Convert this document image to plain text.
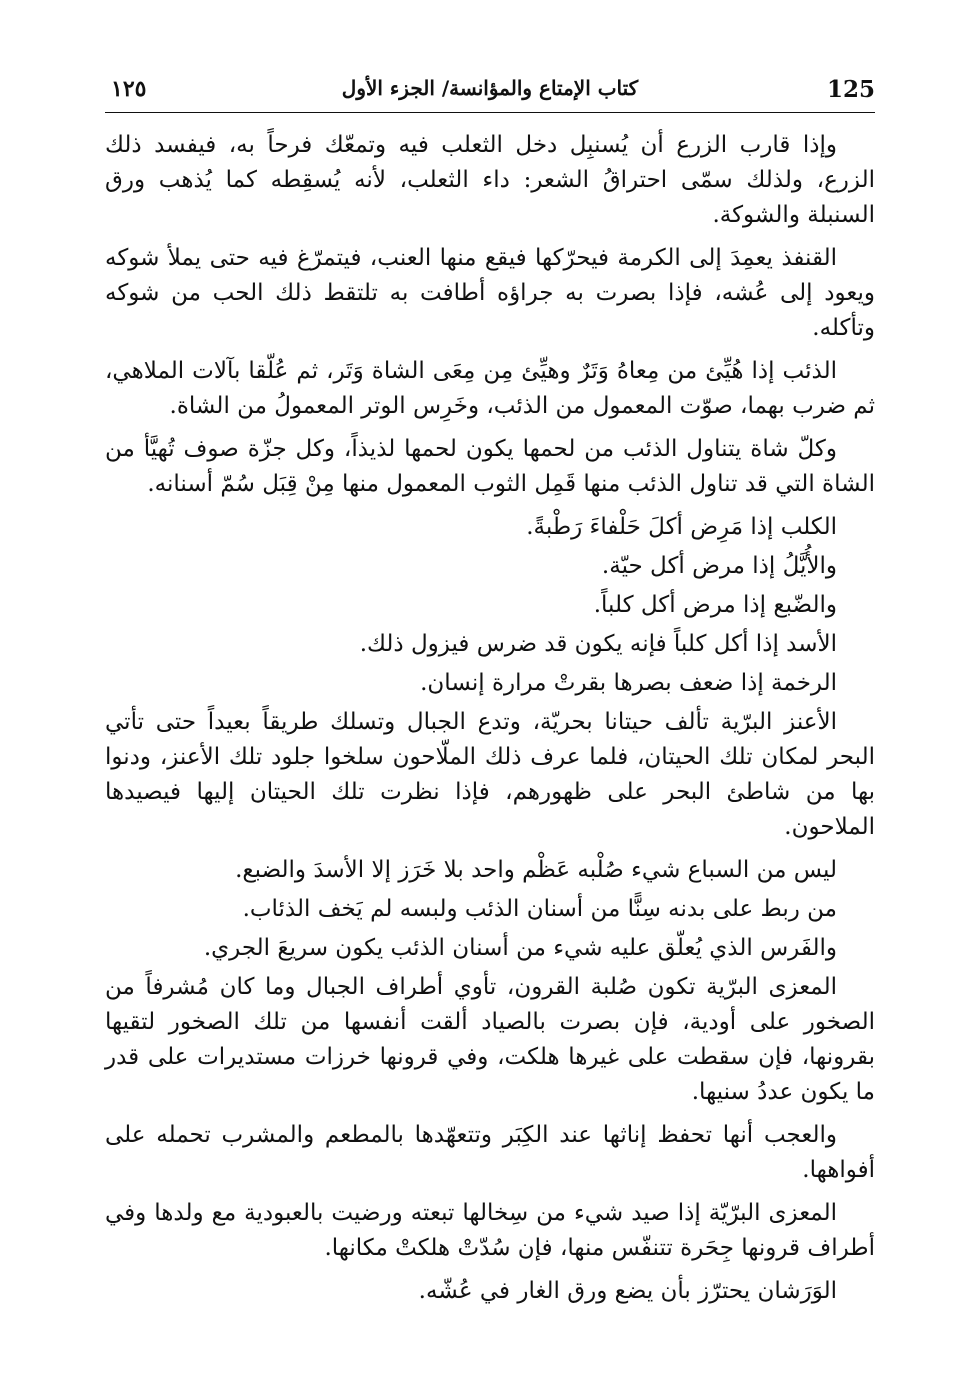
125
كتاب الإمتاع والمؤانسة/ الجزء الأول
١٢٥

وإذا قارب الزرع أن يُسنبِل دخل الثعلب فيه وتمعّك فرحاً به، فيفسد ذلك الزرع، ولذلك سمّى احتراقُ الشعر: داء الثعلب، لأنه يُسقِطه كما يُذهب ورق السنبلة والشوكة.

القنفذ يعمِدَ إلى الكرمة فيحرّكها فيقع منها العنب، فيتمرّغ فيه حتى يملأ شوكه ويعود إلى عُشه، فإذا بصرت به جراؤه أطافت به تلتقط ذلك الحب من شوكه وتأكله.

الذئب إذا هُيِّئ من مِعاهُ وَتَرٌ وهيِّئ مِن مِعَى الشاة وَتَر، ثم عُلّقا بآلات الملاهي، ثم ضرب بهما، صوّت المعمول من الذئب، وخَرِس الوتر المعمولُ من الشاة.

وكلّ شاة يتناول الذئب من لحمها يكون لحمها لذيذاً، وكل جزّة صوف تُهيَّأ من الشاة التي قد تناول الذئب منها قَمِل الثوب المعمول منها مِنْ قِبَل سُمّ أسنانه.

الكلب إذا مَرِض أكلَ حَلْفاءَ رَطْبةً.

والأُيَّلُ إذا مرض أكل حيّة.

والضّبع إذا مرض أكل كلباً.

الأسد إذا أكل كلباً فإنه يكون قد ضرس فيزول ذلك.

الرخمة إذا ضعف بصرها بقرتْ مرارة إنسان.

الأعنز البرّية تألف حيتانا بحريّة، وتدع الجبال وتسلك طريقاً بعيداً حتى تأتي البحر لمكان تلك الحيتان، فلما عرف ذلك الملّاحون سلخوا جلود تلك الأعنز، ودنوا بها من شاطئ البحر على ظهورهم، فإذا نظرت تلك الحيتان إليها فيصيدها الملاحون.

ليس من السباع شيء صُلْبه عَظْم واحد بلا خَرَز إلا الأسدَ والضبع.

من ربط على بدنه سِنًّا من أسنان الذئب ولبسه لم يَخف الذئاب.

والفَرس الذي يُعلّق عليه شيء من أسنان الذئب يكون سريعَ الجري.

المعزى البرّية تكون صُلبة القرون، تأوي أطراف الجبال وما كان مُشرفاً من الصخور على أودية، فإن بصرت بالصياد ألقت أنفسها من تلك الصخور لتقيها بقرونها، فإن سقطت على غيرها هلكت، وفي قرونها خرزات مستديرات على قدر ما يكون عددُ سنيها.

والعجب أنها تحفظ إناثها عند الكِبَر وتتعهّدها بالمطعم والمشرب تحمله على أفواهها.

المعزى البرّيّة إذا صيد شيء من سِخالها تبعته ورضيت بالعبودية مع ولدها وفي أطراف قرونها جِحَرة تتنفّس منها، فإن سُدّتْ هلكتْ مكانها.

الوَرَشان يحترّز بأن يضع ورق الغار في عُشّه.
